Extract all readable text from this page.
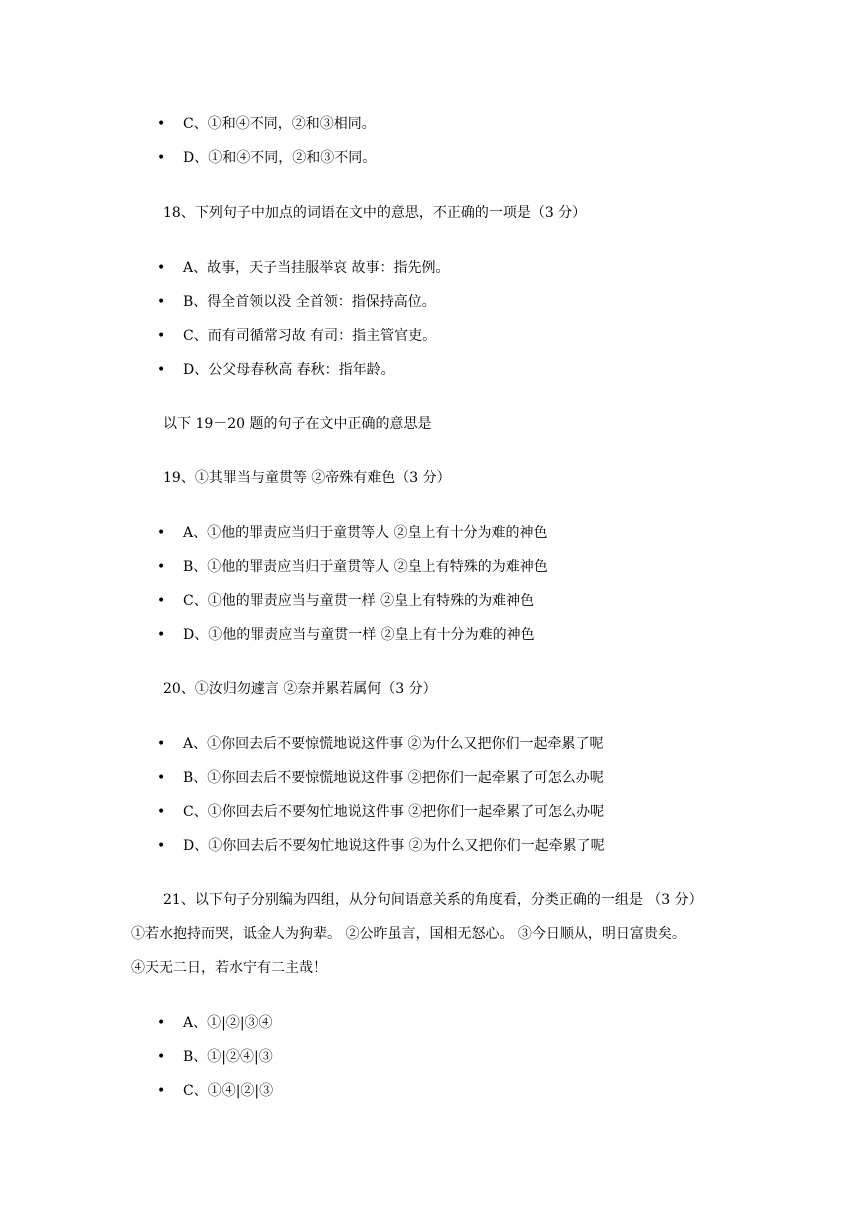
C、①和④不同，②和③相同。
D、①和④不同，②和③不同。
18、下列句子中加点的词语在文中的意思，不正确的一项是（3 分）
A、故事，天子当挂服举哀 故事：指先例。
B、得全首领以没 全首领：指保持高位。
C、而有司循常习故 有司：指主管官吏。
D、公父母春秋高 春秋：指年龄。
以下 19－20 题的句子在文中正确的意思是
19、①其罪当与童贯等 ②帝殊有难色（3 分）
A、①他的罪责应当归于童贯等人 ②皇上有十分为难的神色
B、①他的罪责应当归于童贯等人 ②皇上有特殊的为难神色
C、①他的罪责应当与童贯一样 ②皇上有特殊的为难神色
D、①他的罪责应当与童贯一样 ②皇上有十分为难的神色
20、①汝归勿遽言 ②奈并累若属何（3 分）
A、①你回去后不要惊慌地说这件事 ②为什么又把你们一起牵累了呢
B、①你回去后不要惊慌地说这件事 ②把你们一起牵累了可怎么办呢
C、①你回去后不要匆忙地说这件事 ②把你们一起牵累了可怎么办呢
D、①你回去后不要匆忙地说这件事 ②为什么又把你们一起牵累了呢
21、以下句子分别编为四组，从分句间语意关系的角度看，分类正确的一组是 （3 分）
①若水抱持而哭，诋金人为狗辈。 ②公昨虽言，国相无怒心。 ③今日顺从，明日富贵矣。
④天无二日，若水宁有二主哉！
A、①|②|③④
B、①|②④|③
C、①④|②|③
